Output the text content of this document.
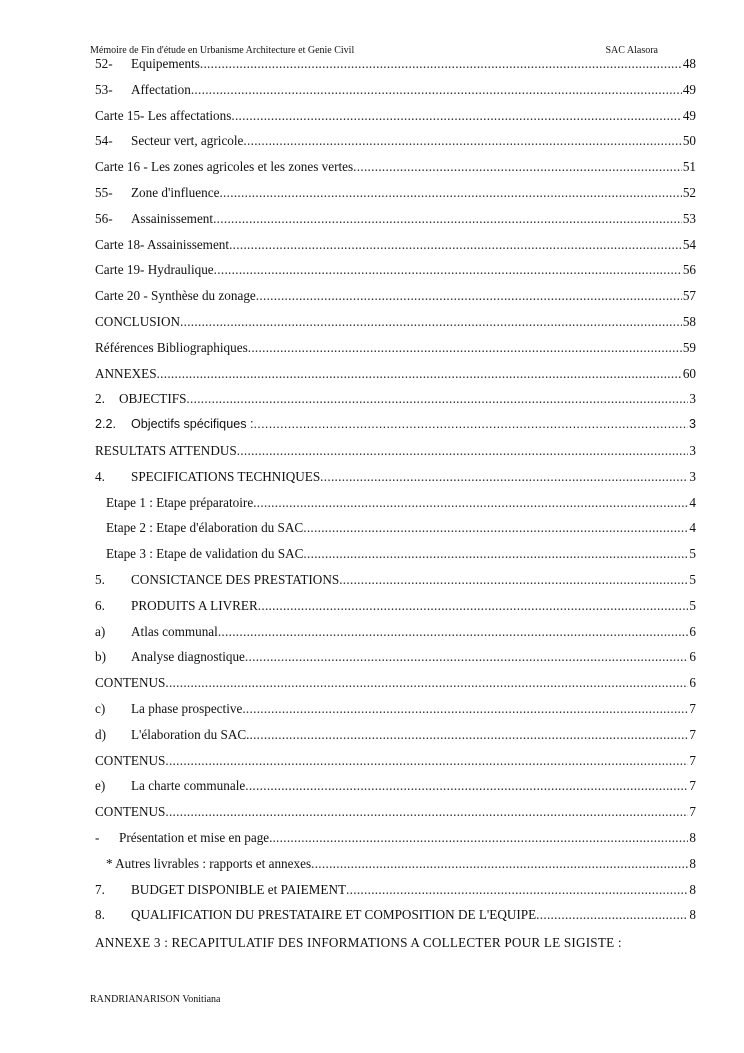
Mémoire de Fin d'étude en Urbanisme Architecture et Genie Civil	SAC Alasora
52-	Equipements .....	48
53-	Affectation .....	49
Carte 15- Les affectations .....	49
54-	Secteur vert, agricole .....	50
Carte 16 - Les zones agricoles et les zones vertes .....	51
55-	Zone d'influence .....	52
56-	Assainissement .....	53
Carte 18- Assainissement .....	54
Carte 19- Hydraulique .....	56
Carte 20 - Synthèse du zonage .....	57
CONCLUSION .....	58
Références Bibliographiques .....	59
ANNEXES .....	60
2.	OBJECTIFS .....	3
2.2.	Objectifs spécifiques : .....	3
RESULTATS ATTENDUS .....	3
4.	SPECIFICATIONS TECHNIQUES .....	3
Etape 1 : Etape préparatoire .....	4
Etape 2 : Etape d'élaboration du SAC .....	4
Etape 3 : Etape de validation du SAC .....	5
5.	CONSICTANCE DES PRESTATIONS .....	5
6.	PRODUITS A LIVRER .....	5
a)	Atlas communal .....	6
b)	Analyse diagnostique .....	6
CONTENUS .....	6
c)	La phase prospective .....	7
d)	L'élaboration du SAC. .....	7
CONTENUS .....	7
e)	La charte communale .....	7
CONTENUS .....	7
-	Présentation et mise en page. .....	8
* Autres livrables : rapports et annexes .....	8
7.	BUDGET DISPONIBLE et PAIEMENT .....	8
8.	QUALIFICATION DU PRESTATAIRE ET COMPOSITION DE L'EQUIPE .....	8
ANNEXE 3 : RECAPITULATIF DES INFORMATIONS A COLLECTER POUR LE SIGISTE :
RANDRIANARISON Vonitiana
